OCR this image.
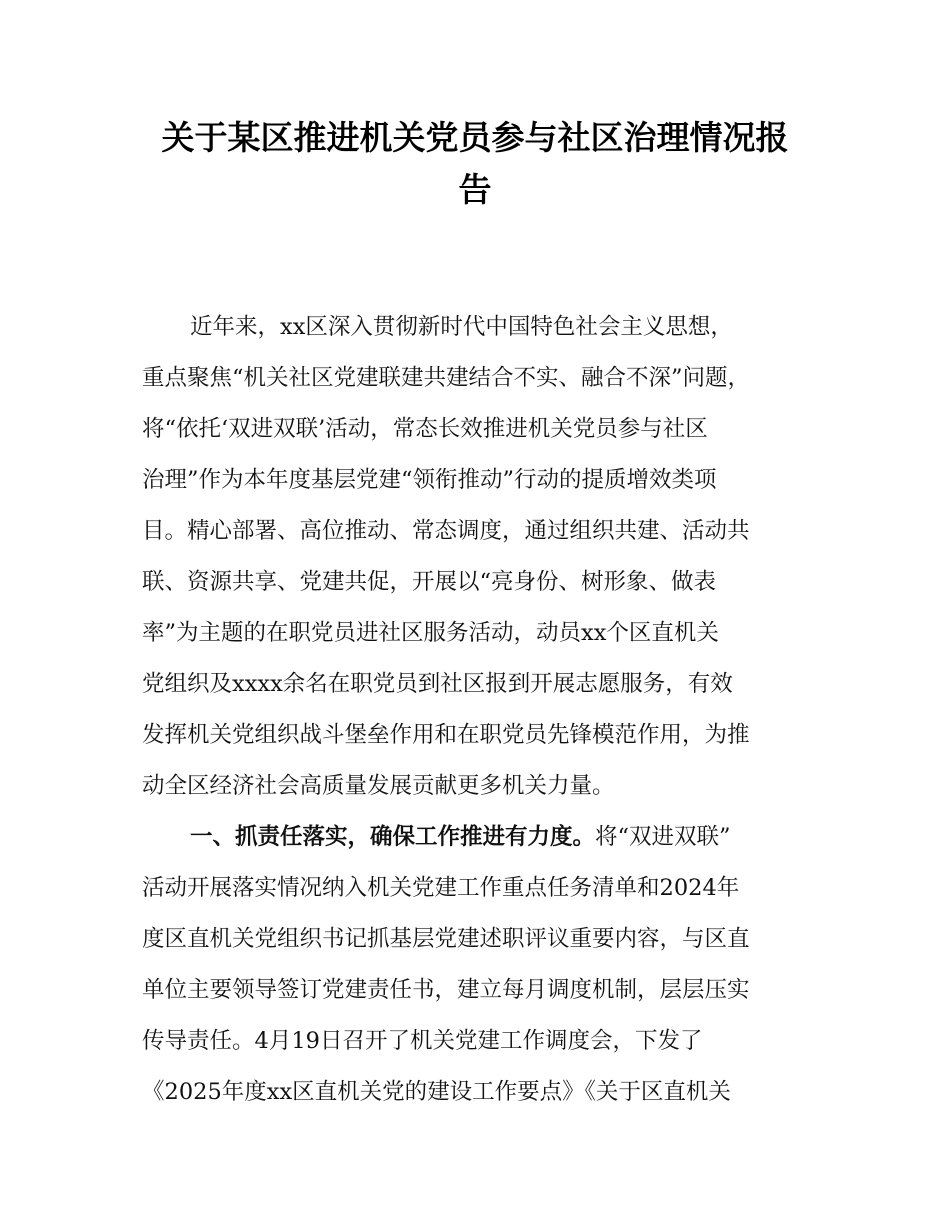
关于某区推进机关党员参与社区治理情况报
告
近年来，xx区深入贯彻新时代中国特色社会主义思想，
重点聚焦“机关社区党建联建共建结合不实、融合不深”问题，
将“依托‘双进双联’活动，常态长效推进机关党员参与社区
治理”作为本年度基层党建“领衔推动”行动的提质增效类项
目。精心部署、高位推动、常态调度，通过组织共建、活动共
联、资源共享、党建共促，开展以“亮身份、树形象、做表
率”为主题的在职党员进社区服务活动，动员xx个区直机关
党组织及xxxx余名在职党员到社区报到开展志愿服务，有效
发挥机关党组织战斗堡垒作用和在职党员先锋模范作用，为推
动全区经济社会高质量发展贡献更多机关力量。
一、抓责任落实，确保工作推进有力度。将“双进双联”
活动开展落实情况纳入机关党建工作重点任务清单和2024年
度区直机关党组织书记抓基层党建述职评议重要内容，与区直
单位主要领导签订党建责任书，建立每月调度机制，层层压实
传导责任。4月19日召开了机关党建工作调度会，下发了
《2025年度xx区直机关党的建设工作要点》《关于区直机关
